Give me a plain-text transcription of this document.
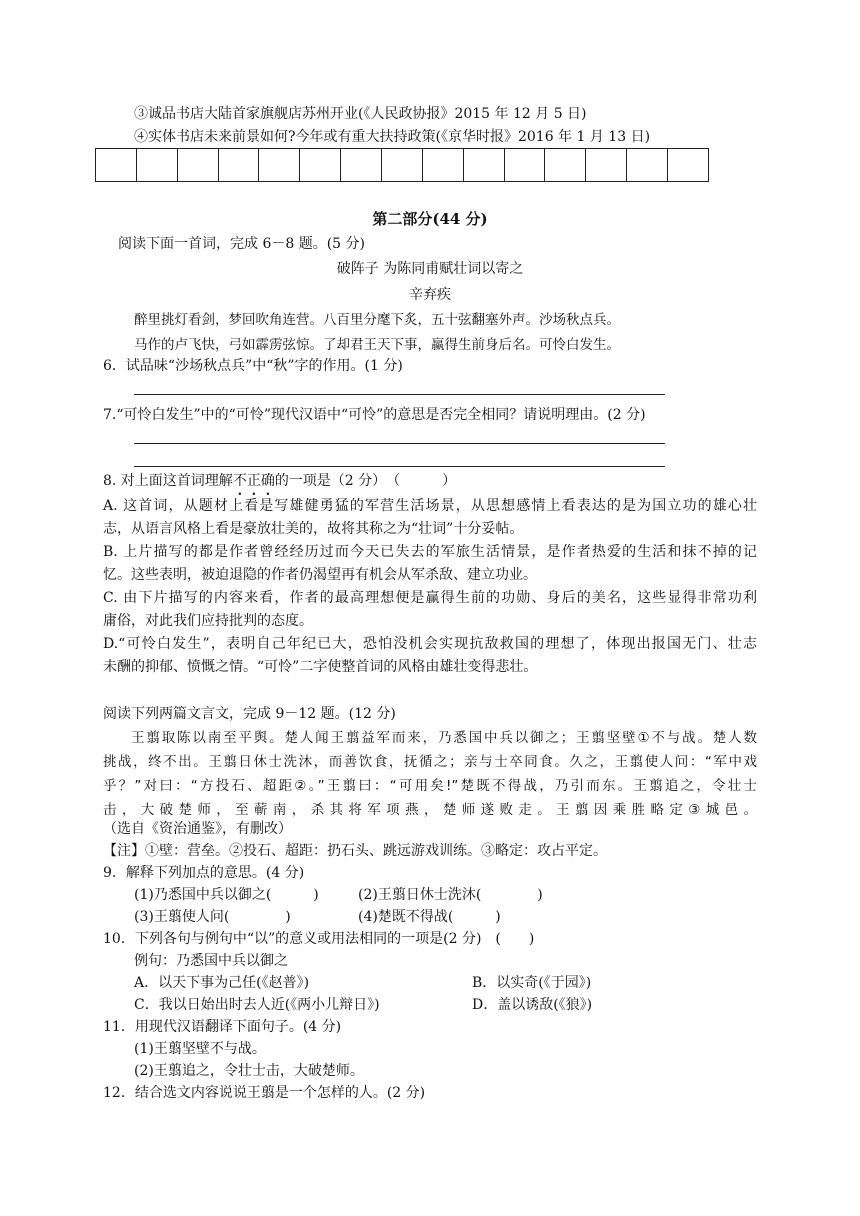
③诚品书店大陆首家旗舰店苏州开业(《人民政协报》2015 年 12 月 5 日)
④实体书店未来前景如何?今年或有重大扶持政策(《京华时报》2016 年 1 月 13 日)
第二部分(44 分)
阅读下面一首词，完成 6－8 题。(5 分)
破阵子 为陈同甫赋壮词以寄之
辛弃疾
醉里挑灯看剑，梦回吹角连营。八百里分麾下炙，五十弦翻塞外声。沙场秋点兵。
马作的卢飞快，弓如霹雳弦惊。了却君王天下事，赢得生前身后名。可怜白发生。
6．试品味“沙场秋点兵”中“秋”字的作用。(1 分)
7.“可怜白发生”中的“可怜”现代汉语中“可怜”的意思是否完全相同？请说明理由。(2 分)
8. 对上面这首词理解不正确的一项是（2 分）　（　　　）
A. 这首词，从题材上看是写雄健勇猛的军营生活场景，从思想感情上看表达的是为国立功的雄心壮
志，从语言风格上看是豪放壮美的，故将其称之为“壮词”十分妥帖。
B. 上片描写的都是作者曾经经历过而今天已失去的军旅生活情景，是作者热爱的生活和抹不掉的记
忆。这些表明，被迫退隐的作者仍渴望再有机会从军杀敌、建立功业。
C. 由下片描写的内容来看，作者的最高理想便是赢得生前的功勋、身后的美名，这些显得非常功利
庸俗，对此我们应持批判的态度。
D.“可怜白发生”，表明自己年纪已大，恐怕没机会实现抗敌救国的理想了，体现出报国无门、壮志
未酬的抑郁、愤慨之情。“可怜”二字使整首词的风格由雄壮变得悲壮。
阅读下列两篇文言文，完成 9－12 题。(12 分)
王翦取陈以南至平舆。楚人闻王翦益军而来，乃悉国中兵以御之；王翦坚壁①不与战。楚人数
挑战，终不出。王翦日休士洗沐，而善饮食，抚循之；亲与士卒同食。久之，王翦使人问：“军中戏
乎？”对曰：“方投石、超距②。”王翦曰：“可用矣!”楚既不得战，乃引而东。王翦追之，令壮士
击，大破楚师，至蕲南，杀其将军项燕，楚师遂败走。王翦因乘胜略定③城邑。
（选自《资治通鉴》，有删改）
【注】①壁：营垒。②投石、超距：扔石头、跳远游戏训练。③略定：攻占平定。
9．解释下列加点的意思。(4 分)
(1)乃悉国中兵以御之(　　　)	(2)王翦日休士洗沐(　　　　)
(3)王翦使人问(　　　　)	(4)楚既不得战(　　　)
10．下列各句与例句中“以”的意义或用法相同的一项是(2 分)　(　　)
例句：乃悉国中兵以御之
A．以天下事为己任(《赵普》)	B．以实奇(《于园》)
C．我以日始出时去人近(《两小儿辩日》)	D．盖以诱敌(《狼》)
11．用现代汉语翻译下面句子。(4 分)
(1)王翦坚壁不与战。
(2)王翦追之，令壮士击，大破楚师。
12．结合选文内容说说王翦是一个怎样的人。(2 分)
